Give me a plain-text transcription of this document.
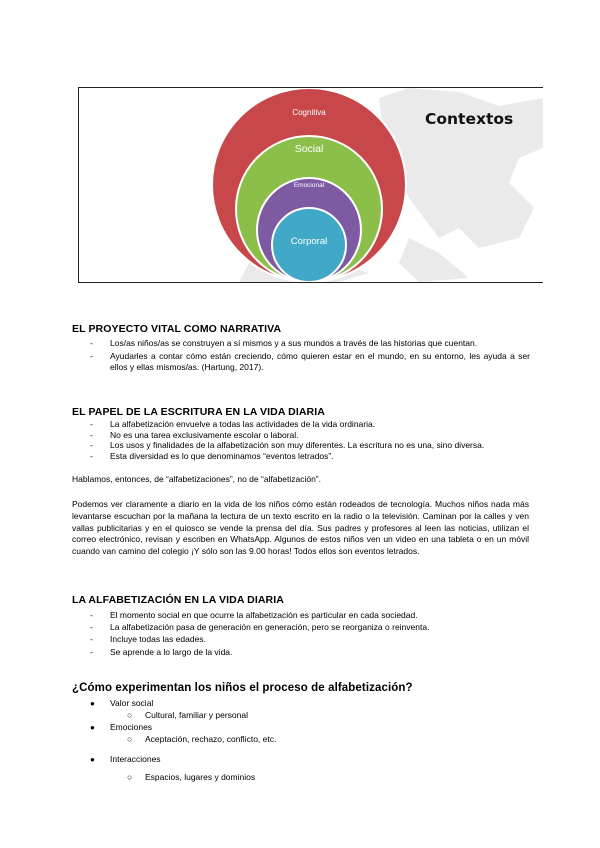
Contextos
Cognitiva
Social
Emocional
Corporal
EL PROYECTO VITAL COMO NARRATIVA
- Los/as niños/as se construyen a sí mismos y a sus mundos a través de las historias que cuentan.
- Ayudarles a contar cómo están creciendo, cómo quieren estar en el mundo, en su entorno, les ayuda a ser ellos y ellas mismos/as. (Hartung, 2017).
EL PAPEL DE LA ESCRITURA EN LA VIDA DIARIA
- La alfabetización envuelve a todas las actividades de la vida ordinaria.
- No es una tarea exclusivamente escolar o laboral.
- Los usos y finalidades de la alfabetización son muy diferentes. La escritura no es una, sino diversa.
- Esta diversidad es lo que denominamos “eventos letrados”.
Hablamos, entonces, de “alfabetizaciones”, no de “alfabetización”.
Podemos ver claramente a diario en la vida de los niños cómo están rodeados de tecnología. Muchos niños nada más levantarse escuchan por la mañana la lectura de un texto escrito en la radio o la televisión. Caminan por la calles y ven vallas publicitarias y en el quiosco se vende la prensa del día. Sus padres y profesores al leen las noticias, utilizan el correo electrónico, revisan y escriben en WhatsApp. Algunos de estos niños ven un video en una tableta o en un móvil cuando van camino del colegio ¡Y sólo son las 9.00 horas! Todos ellos son eventos letrados.
LA ALFABETIZACIÓN EN LA VIDA DIARIA
- El momento social en que ocurre la alfabetización es particular en cada sociedad.
- La alfabetización pasa de generación en generación, pero se reorganiza o reinventa.
- Incluye todas las edades.
- Se aprende a lo largo de la vida.
¿Cómo experimentan los niños el proceso de alfabetización?
● Valor social
○ Cultural, familiar y personal
● Emociones
○ Aceptación, rechazo, conflicto, etc.
● Interacciones
○ Espacios, lugares y dominios
